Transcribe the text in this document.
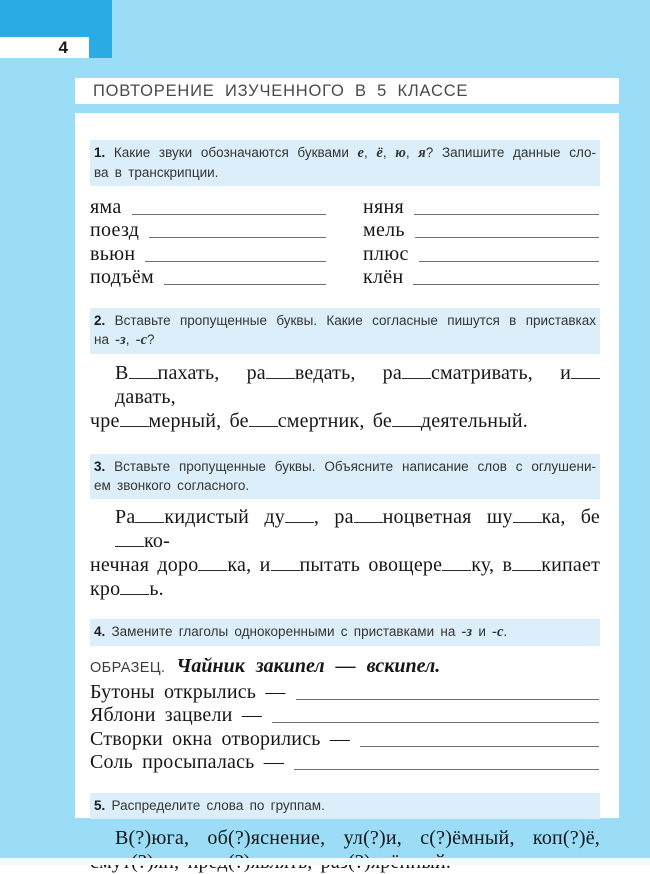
4
ПОВТОРЕНИЕ ИЗУЧЕННОГО В 5 КЛАССЕ
1. Какие звуки обозначаются буквами е, ё, ю, я? Запишите данные сло-
ва в транскрипции.
яма	няня
поезд	мель
вьюн	плюс
подъём	клён
2. Вставьте пропущенные буквы. Какие согласные пишутся в приставках
на -з, -с?
В пахать, ра ведать, ра сматривать, идавать,
чре мерный, бе смертник, бе деятельный.
3. Вставьте пропущенные буквы. Объясните написание слов с оглушени-
ем звонкого согласного.
Ра кидистый ду , ра ноцветная шу ка, беко-
нечная доро ка, и пытать овощере ку, в кипает
кро ь.
4. Замените глаголы однокоренными с приставками на -з и -с.
ОБРАЗЕЦ. Чайник закипел — вскипел.
Бутоны открылись —
Яблони зацвели —
Створки окна отворились —
Соль просыпалась —
5. Распределите слова по группам.
В(?)юга, об(?)яснение, ул(?)и, с(?)ёмный, коп(?)ё,
